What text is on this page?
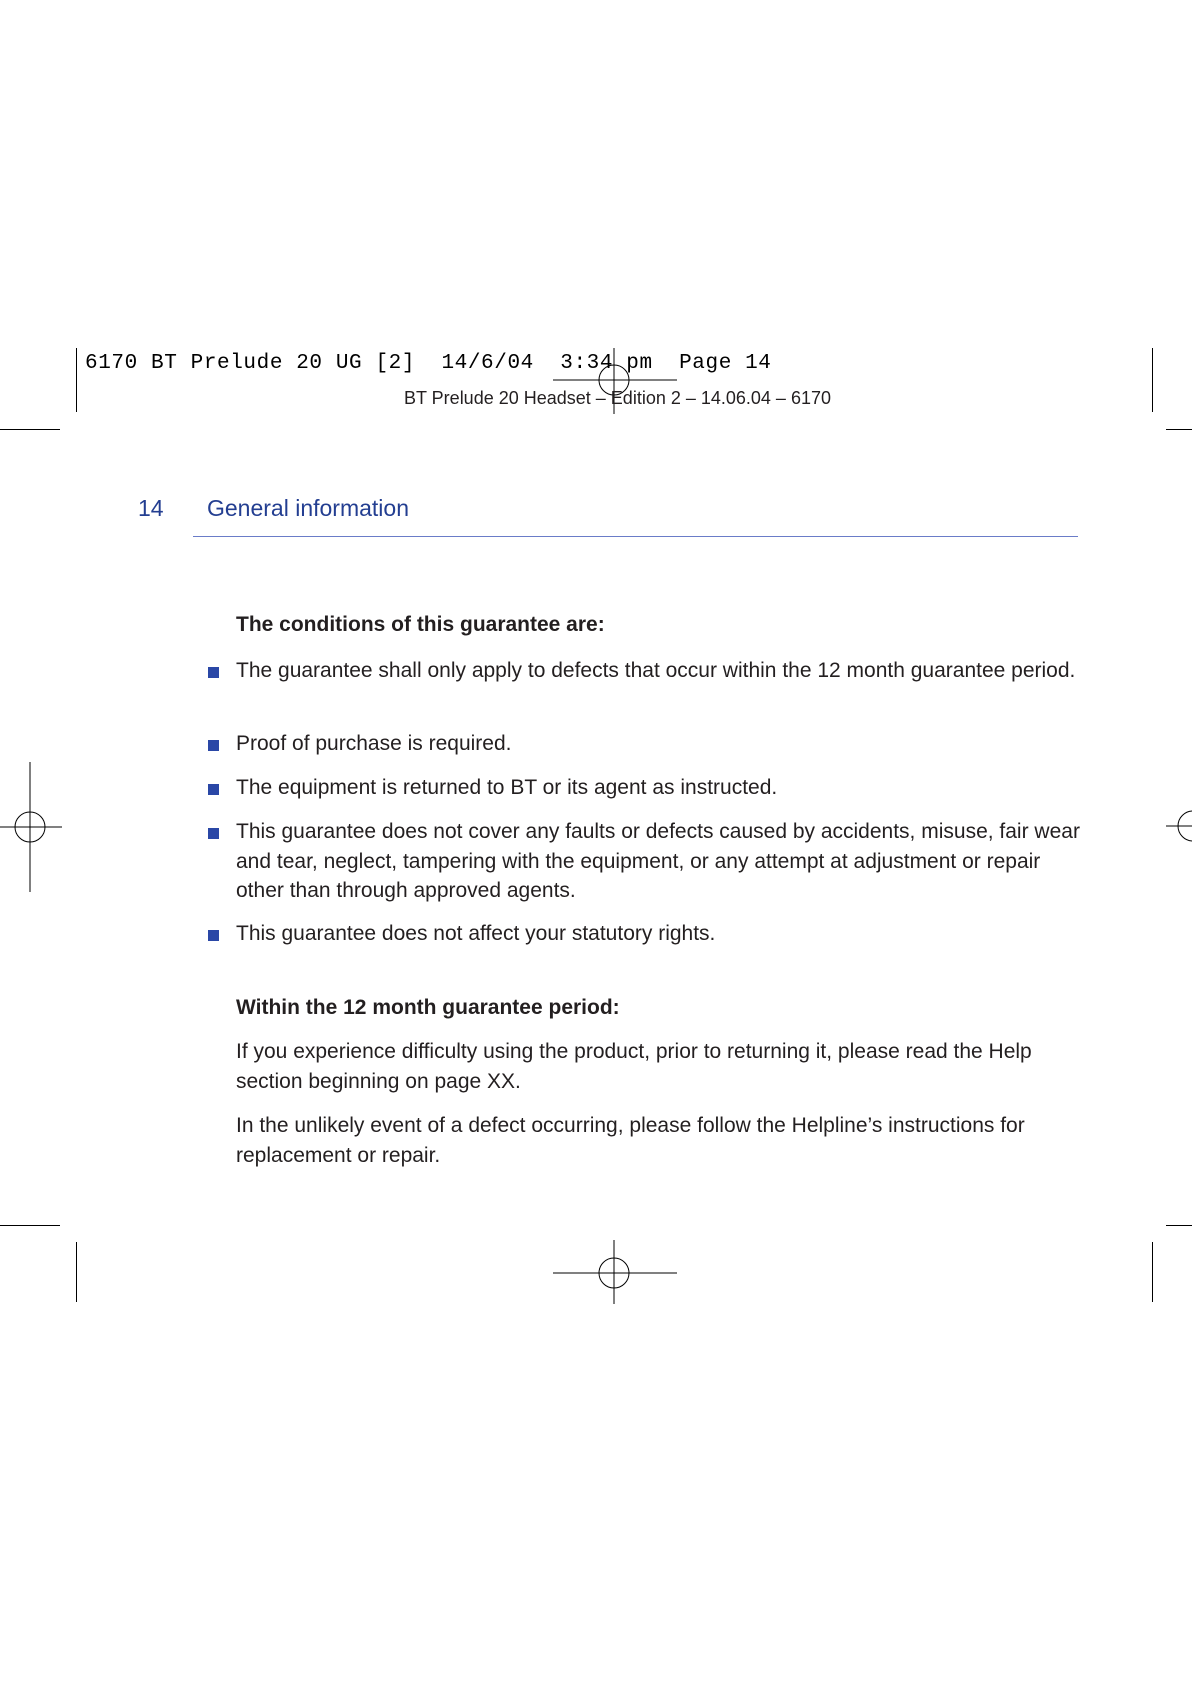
6170 BT Prelude 20 UG [2]  14/6/04  3:34 pm  Page 14
BT Prelude 20 Headset – Edition 2 – 14.06.04 – 6170
14 General information
The conditions of this guarantee are:
The guarantee shall only apply to defects that occur within the 12 month guarantee period.
Proof of purchase is required.
The equipment is returned to BT or its agent as instructed.
This guarantee does not cover any faults or defects caused by accidents, misuse, fair wear and tear, neglect, tampering with the equipment, or any attempt at adjustment or repair other than through approved agents.
This guarantee does not affect your statutory rights.
Within the 12 month guarantee period:
If you experience difficulty using the product, prior to returning it, please read the Help section beginning on page XX.
In the unlikely event of a defect occurring, please follow the Helpline’s instructions for replacement or repair.
